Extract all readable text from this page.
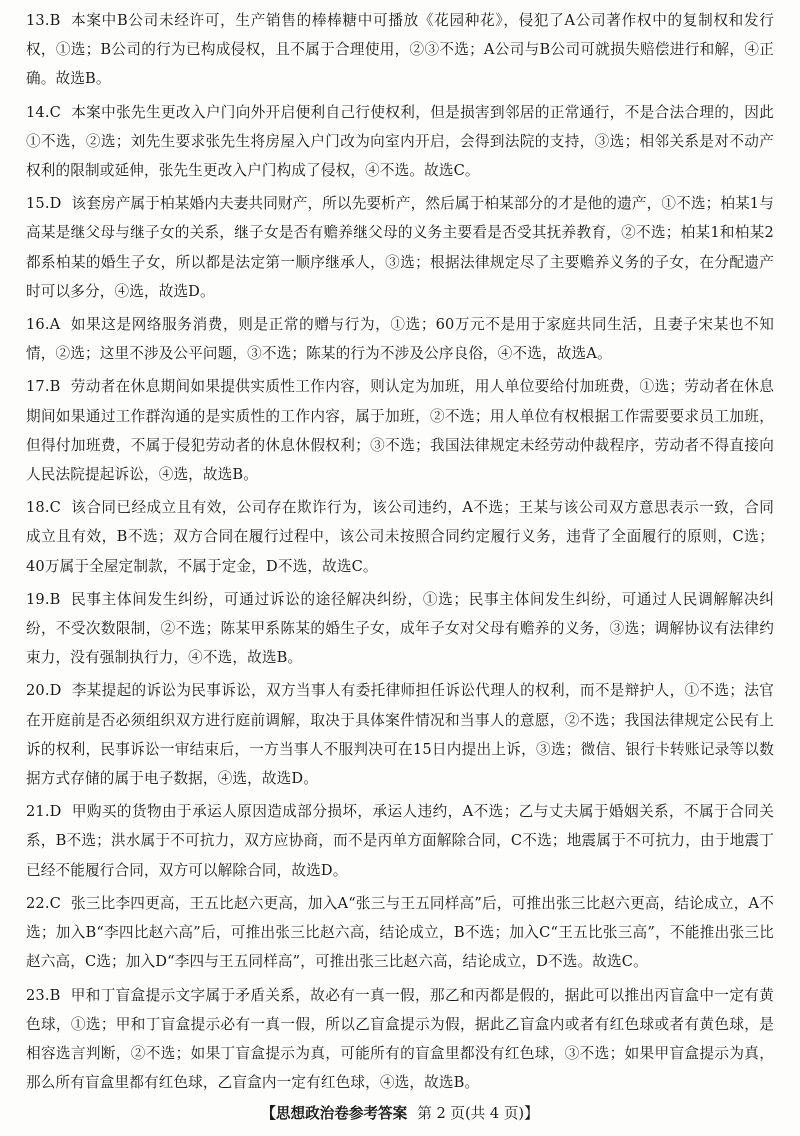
13.B 本案中B公司未经许可，生产销售的棒棒糖中可播放《花园种花》，侵犯了A公司著作权中的复制权和发行权，①选；B公司的行为已构成侵权，且不属于合理使用，②③不选；A公司与B公司可就损失赔偿进行和解，④正确。故选B。

14.C 本案中张先生更改入户门向外开启便利自己行使权利，但是损害到邻居的正常通行，不是合法合理的，因此①不选，②选；刘先生要求张先生将房屋入户门改为向室内开启，会得到法院的支持，③选；相邻关系是对不动产权利的限制或延伸，张先生更改入户门构成了侵权，④不选。故选C。

15.D 该套房产属于柏某婚内夫妻共同财产，所以先要析产，然后属于柏某部分的才是他的遗产，①不选；柏某1与高某是继父母与继子女的关系，继子女是否有赡养继父母的义务主要看是否受其抚养教育，②不选；柏某1和柏某2都系柏某的婚生子女，所以都是法定第一顺序继承人，③选；根据法律规定尽了主要赡养义务的子女，在分配遗产时可以多分，④选，故选D。

16.A 如果这是网络服务消费，则是正常的赠与行为，①选；60万元不是用于家庭共同生活，且妻子宋某也不知情，②选；这里不涉及公平问题，③不选；陈某的行为不涉及公序良俗，④不选，故选A。

17.B 劳动者在休息期间如果提供实质性工作内容，则认定为加班，用人单位要给付加班费，①选；劳动者在休息期间如果通过工作群沟通的是实质性的工作内容，属于加班，②不选；用人单位有权根据工作需要要求员工加班，但得付加班费，不属于侵犯劳动者的休息休假权利；③不选；我国法律规定未经劳动仲裁程序，劳动者不得直接向人民法院提起诉讼，④选，故选B。

18.C 该合同已经成立且有效，公司存在欺诈行为，该公司违约，A不选；王某与该公司双方意思表示一致，合同成立且有效，B不选；双方合同在履行过程中，该公司未按照合同约定履行义务，违背了全面履行的原则，C选；40万属于全屋定制款，不属于定金，D不选，故选C。

19.B 民事主体间发生纠纷，可通过诉讼的途径解决纠纷，①选；民事主体间发生纠纷，可通过人民调解解决纠纷，不受次数限制，②不选；陈某甲系陈某的婚生子女，成年子女对父母有赡养的义务，③选；调解协议有法律约束力，没有强制执行力，④不选，故选B。

20.D 李某提起的诉讼为民事诉讼，双方当事人有委托律师担任诉讼代理人的权利，而不是辩护人，①不选；法官在开庭前是否必须组织双方进行庭前调解，取决于具体案件情况和当事人的意愿，②不选；我国法律规定公民有上诉的权利，民事诉讼一审结束后，一方当事人不服判决可在15日内提出上诉，③选；微信、银行卡转账记录等以数据方式存储的属于电子数据，④选，故选D。

21.D 甲购买的货物由于承运人原因造成部分损坏，承运人违约，A不选；乙与丈夫属于婚姻关系，不属于合同关系，B不选；洪水属于不可抗力，双方应协商，而不是丙单方面解除合同，C不选；地震属于不可抗力，由于地震丁已经不能履行合同，双方可以解除合同，故选D。

22.C 张三比李四更高，王五比赵六更高，加入A“张三与王五同样高”后，可推出张三比赵六更高，结论成立，A不选；加入B“李四比赵六高”后，可推出张三比赵六高，结论成立，B不选；加入C“王五比张三高”，不能推出张三比赵六高，C选；加入D“李四与王五同样高”，可推出张三比赵六高，结论成立，D不选。故选C。

23.B 甲和丁盲盒提示文字属于矛盾关系，故必有一真一假，那乙和丙都是假的，据此可以推出丙盲盒中一定有黄色球，①选；甲和丁盲盒提示必有一真一假，所以乙盲盒提示为假，据此乙盲盒内或者有红色球或者有黄色球，是相容选言判断，②不选；如果丁盲盒提示为真，可能所有的盲盒里都没有红色球，③不选；如果甲盲盒提示为真，那么所有盲盒里都有红色球，乙盲盒内一定有红色球，④选，故选B。

【思想政治卷参考答案 第 2 页(共 4 页)】
